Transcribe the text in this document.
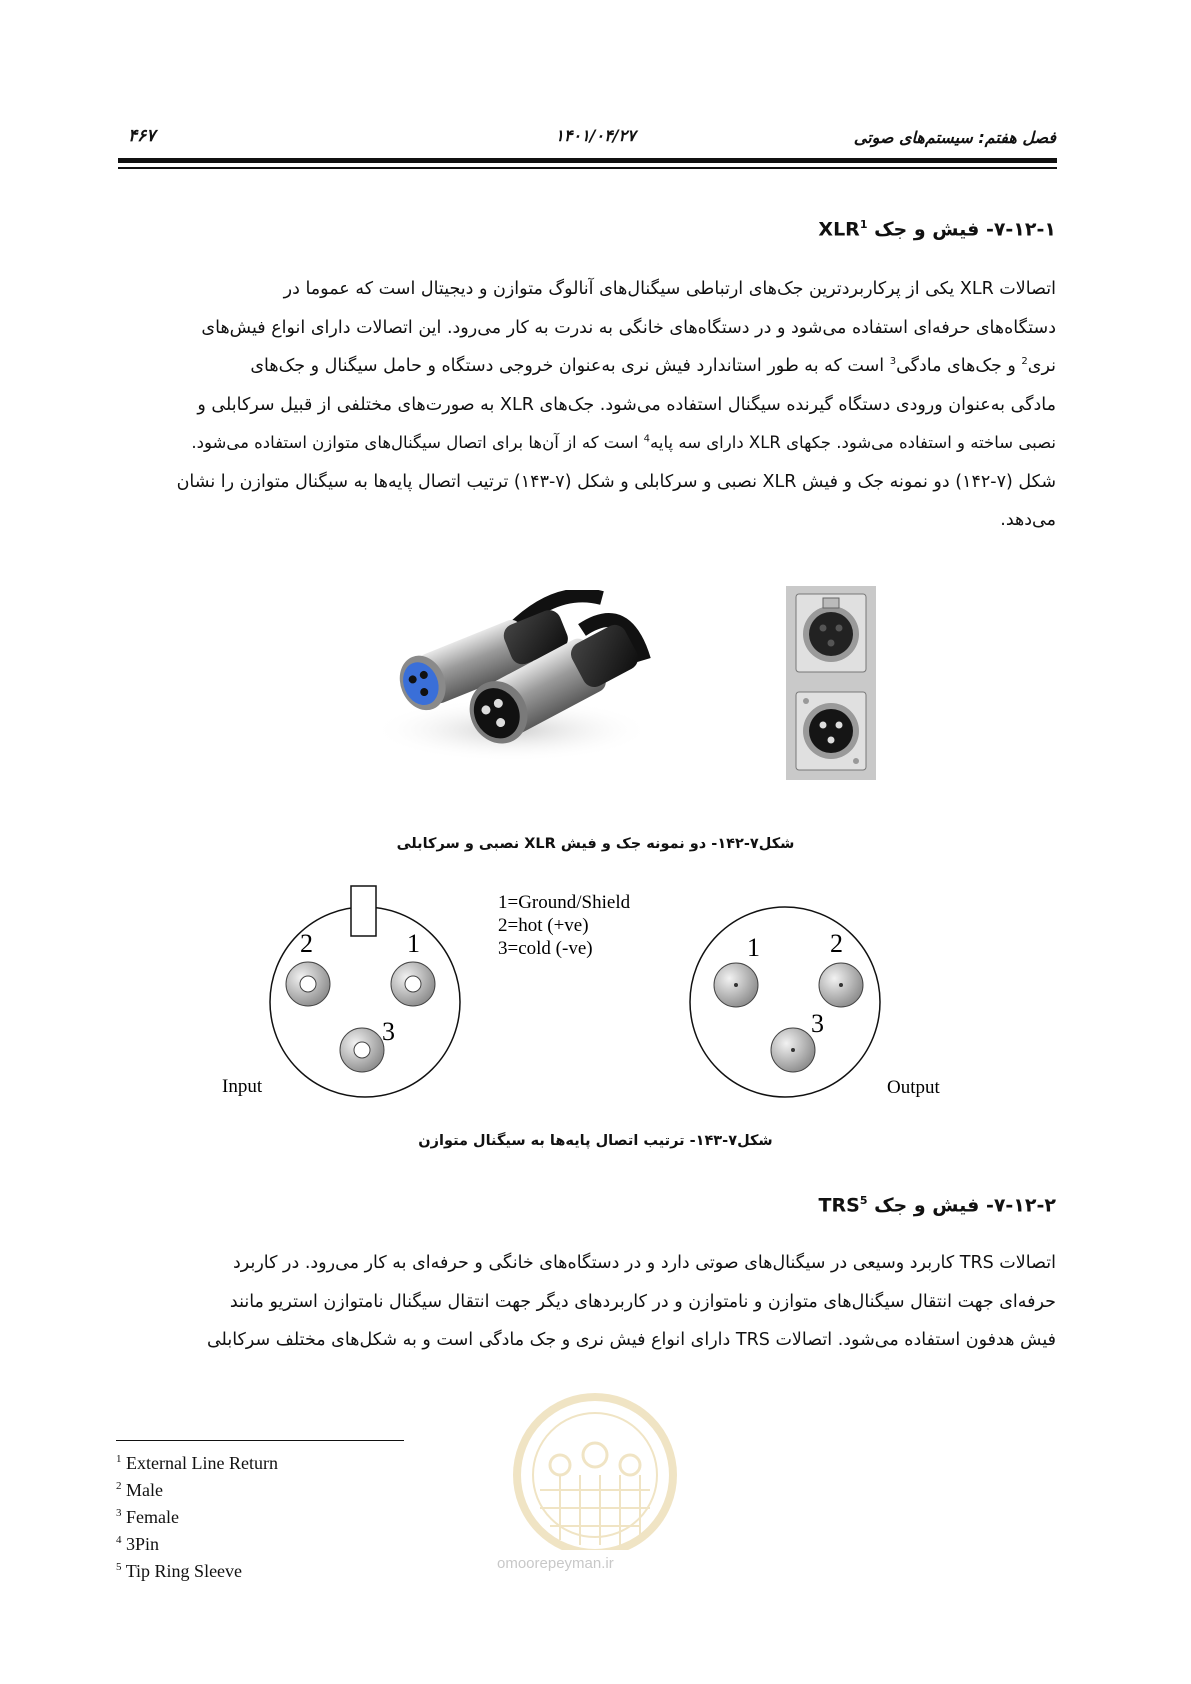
فصل هفتم: سیستم‌های صوتی
۱۴۰۱/۰۴/۲۷
۴۶۷
۷-۱۲-۱- فیش و جک XLR$^1$
اتصالات XLR یکی از پرکاربردترین جک‌های ارتباطی سیگنال‌های آنالوگ متوازن و دیجیتال است که عموما در
دستگاه‌های حرفه‌ای استفاده می‌شود و در دستگاه‌های خانگی به ندرت به کار می‌رود. این اتصالات دارای انواع فیش‌های
نری$^2$ و جک‌های مادگی$^3$ است که به طور استاندارد فیش نری به‌عنوان خروجی دستگاه و حامل سیگنال و جک‌های
مادگی به‌عنوان ورودی دستگاه گیرنده سیگنال استفاده می‌شود. جک‌های XLR به صورت‌های مختلفی از قبیل سرکابلی و
نصبی ساخته و استفاده می‌شود. جکهای XLR دارای سه پایه$^4$ است که از آن‌ها برای اتصال سیگنال‌های متوازن استفاده می‌شود.
شکل (۷-۱۴۲) دو نمونه جک و فیش XLR نصبی و سرکابلی و شکل (۷-۱۴۳) ترتیب اتصال پایه‌ها به سیگنال متوازن را نشان
می‌دهد.
شکل۷-۱۴۲- دو نمونه جک و فیش XLR نصبی و سرکابلی
2	1
3
Input
1=Ground/Shield
2=hot (+ve)
3=cold (-ve)	1	2
3
Output
شکل۷-۱۴۳- ترتیب اتصال پایه‌ها به سیگنال متوازن
۷-۱۲-۲- فیش و جک TRS$^5$
اتصالات TRS کاربرد وسیعی در سیگنال‌های صوتی دارد و در دستگاه‌های خانگی و حرفه‌ای به کار می‌رود. در کاربرد
حرفه‌ای جهت انتقال سیگنال‌های متوازن و نامتوازن و در کاربردهای دیگر جهت انتقال سیگنال نامتوازن استریو مانند
فیش هدفون استفاده می‌شود. اتصالات TRS دارای انواع فیش نری و جک مادگی است و به شکل‌های مختلف سرکابلی
omoorepeyman.ir
$^1$ External Line Return
$^2$ Male
$^3$ Female
$^4$ 3Pin
$^5$ Tip Ring Sleeve
